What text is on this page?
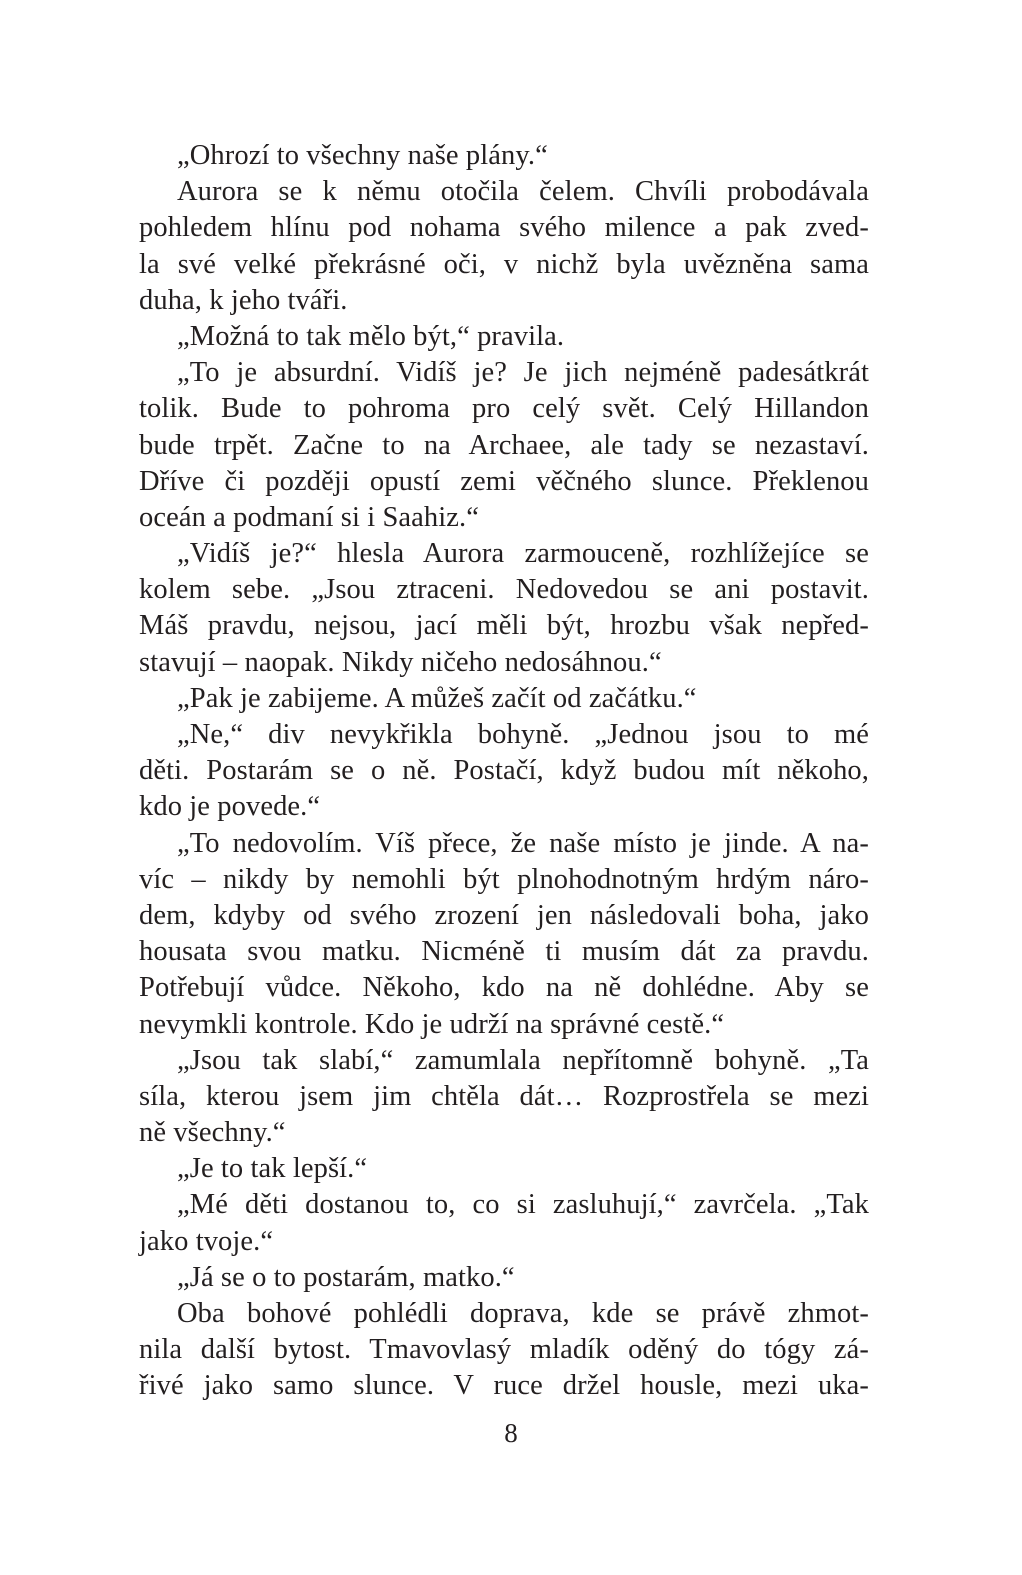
„Ohrozí to všechny naše plány.“
Aurora se k němu otočila čelem. Chvíli probodávala
pohledem hlínu pod nohama svého milence a pak zved-
la své velké překrásné oči, v nichž byla uvězněna sama
duha, k jeho tváři.
„Možná to tak mělo být,“ pravila.
„To je absurdní. Vidíš je? Je jich nejméně padesátkrát
tolik. Bude to pohroma pro celý svět. Celý Hillandon
bude trpět. Začne to na Archaee, ale tady se nezastaví.
Dříve či později opustí zemi věčného slunce. Překlenou
oceán a podmaní si i Saahiz.“
„Vidíš je?“ hlesla Aurora zarmouceně, rozhlížejíce se
kolem sebe. „Jsou ztraceni. Nedovedou se ani postavit.
Máš pravdu, nejsou, jací měli být, hrozbu však nepřed-
stavují – naopak. Nikdy ničeho nedosáhnou.“
„Pak je zabijeme. A můžeš začít od začátku.“
„Ne,“ div nevykřikla bohyně. „Jednou jsou to mé
děti. Postarám se o ně. Postačí, když budou mít někoho,
kdo je povede.“
„To nedovolím. Víš přece, že naše místo je jinde. A na-
víc – nikdy by nemohli být plnohodnotným hrdým náro-
dem, kdyby od svého zrození jen následovali boha, jako
housata svou matku. Nicméně ti musím dát za pravdu.
Potřebují vůdce. Někoho, kdo na ně dohlédne. Aby se
nevymkli kontrole. Kdo je udrží na správné cestě.“
„Jsou tak slabí,“ zamumlala nepřítomně bohyně. „Ta
síla, kterou jsem jim chtěla dát… Rozprostřela se mezi
ně všechny.“
„Je to tak lepší.“
„Mé děti dostanou to, co si zasluhují,“ zavrčela. „Tak
jako tvoje.“
„Já se o to postarám, matko.“
Oba bohové pohlédli doprava, kde se právě zhmot-
nila další bytost. Tmavovlasý mladík oděný do tógy zá-
řivé jako samo slunce. V ruce držel housle, mezi uka-
8
